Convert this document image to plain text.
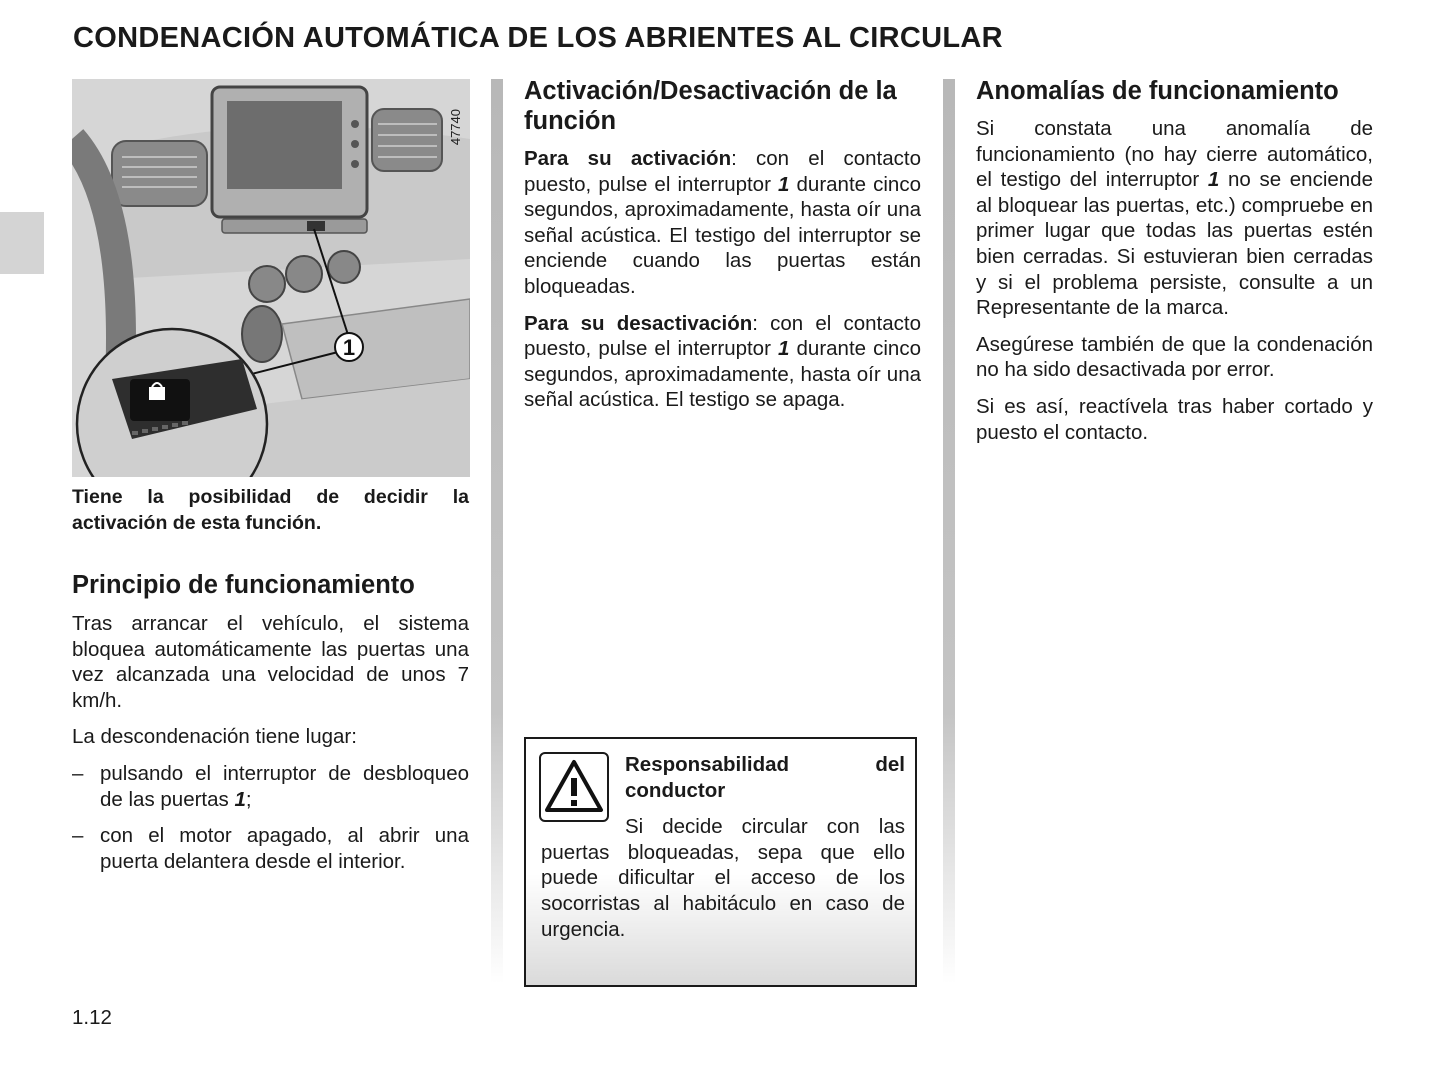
CONDENACIÓN AUTOMÁTICA DE LOS ABRIENTES AL CIRCULAR
1
47740
Tiene la posibilidad de decidir la activación de esta función.
Principio de funcionamiento

Tras arrancar el vehículo, el sistema bloquea automáticamente las puertas una vez alcanzada una velocidad de unos 7 km/h.

La descondenación tiene lugar:

– pulsando el interruptor de desbloqueo de las puertas 1;

– con el motor apagado, al abrir una puerta delantera desde el interior.

Activación/Desactivación de la función

Para su activación: con el contacto puesto, pulse el interruptor 1 durante cinco segundos, aproximadamente, hasta oír una señal acústica. El testigo del interruptor se enciende cuando las puertas están bloqueadas.

Para su desactivación: con el contacto puesto, pulse el interruptor 1 durante cinco segundos, aproximadamente, hasta oír una señal acústica. El testigo se apaga.

Responsabilidad del conductor

Si decide circular con las puertas bloqueadas, sepa que ello puede dificultar el acceso de los socorristas al habitáculo en caso de urgencia.

Anomalías de funcionamiento

Si constata una anomalía de funcionamiento (no hay cierre automático, el testigo del interruptor 1 no se enciende al bloquear las puertas, etc.) compruebe en primer lugar que todas las puertas estén bien cerradas. Si estuvieran bien cerradas y si el problema persiste, consulte a un Representante de la marca.

Asegúrese también de que la condenación no ha sido desactivada por error.

Si es así, reactívela tras haber cortado y puesto el contacto.

1.12
